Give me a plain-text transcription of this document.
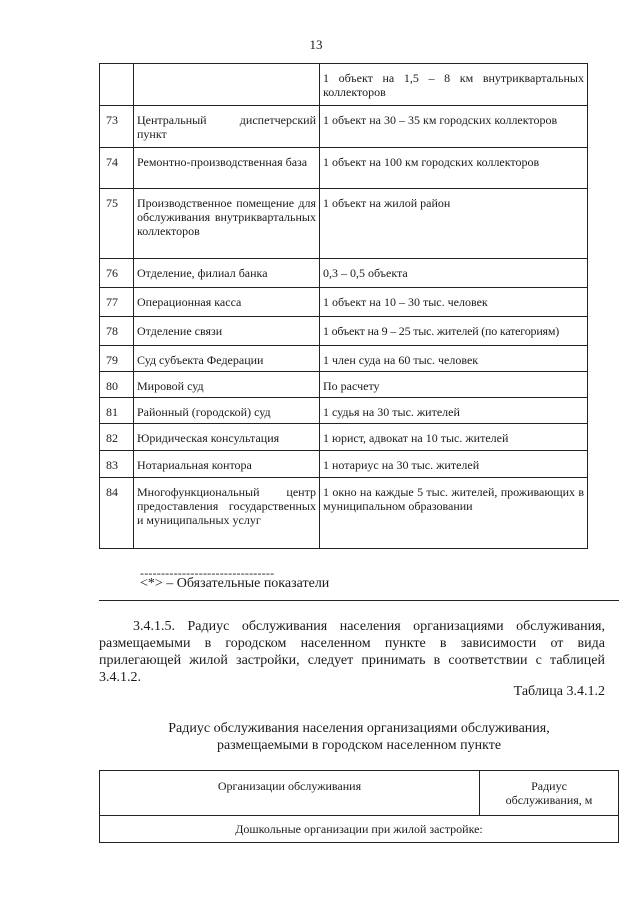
13
		1 объект на 1,5 – 8 км внутриквартальных коллекторов
73	Центральный диспетчерский пункт	1 объект на 30 – 35 км городских коллекторов
74	Ремонтно-производственная база	1 объект на 100 км городских коллекторов
75	Производственное помещение для обслуживания внутриквартальных коллекторов	1 объект на жилой район
76	Отделение, филиал банка	0,3 – 0,5 объекта
77	Операционная касса	1 объект на 10 – 30 тыс. человек
78	Отделение связи	1 объект на 9 – 25 тыс. жителей (по категориям)
79	Суд субъекта Федерации	1 член суда на 60 тыс. человек
80	Мировой суд	По расчету
81	Районный (городской) суд	1 судья на 30 тыс. жителей
82	Юридическая консультация	1 юрист, адвокат на 10 тыс. жителей
83	Нотариальная контора	1 нотариус на 30 тыс. жителей
84	Многофункциональный центр предоставления государственных и муниципальных услуг	1 окно на каждые 5 тыс. жителей, проживающих в муниципальном образовании
--------------------------------
<*> – Обязательные показатели
3.4.1.5. Радиус обслуживания населения организациями обслуживания, размещаемыми в городском населенном пункте в зависимости от вида прилегающей жилой застройки, следует принимать в соответствии с таблицей 3.4.1.2.
Таблица 3.4.1.2
Радиус обслуживания населения организациями обслуживания,
размещаемыми в городском населенном пункте
Организации обслуживания	Радиус
обслуживания, м

Дошкольные организации при жилой застройке:
